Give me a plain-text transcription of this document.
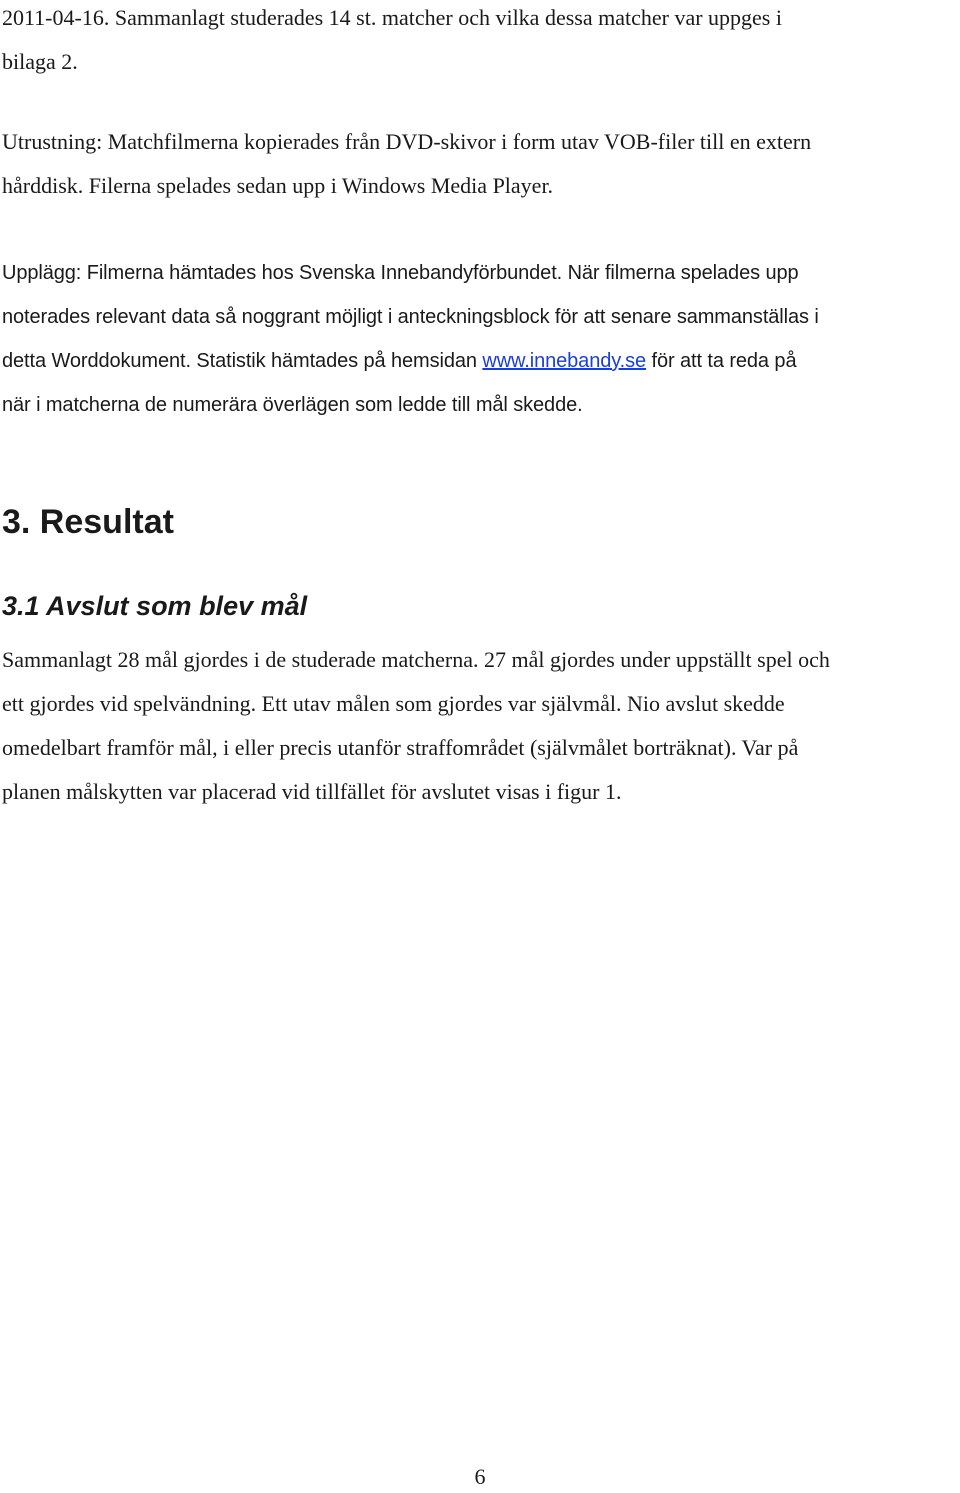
2011-04-16. Sammanlagt studerades 14 st. matcher och vilka dessa matcher var uppges i
bilaga 2.

Utrustning: Matchfilmerna kopierades från DVD-skivor i form utav VOB-filer till en extern
hårddisk. Filerna spelades sedan upp i Windows Media Player.

Upplägg: Filmerna hämtades hos Svenska Innebandyförbundet. När filmerna spelades upp
noterades relevant data så noggrant möjligt i anteckningsblock för att senare sammanställas i
detta Worddokument. Statistik hämtades på hemsidan www.innebandy.se för att ta reda på
när i matcherna de numerära överlägen som ledde till mål skedde.

3. Resultat
3.1 Avslut som blev mål

Sammanlagt 28 mål gjordes i de studerade matcherna. 27 mål gjordes under uppställt spel och
ett gjordes vid spelvändning. Ett utav målen som gjordes var självmål. Nio avslut skedde
omedelbart framför mål, i eller precis utanför straffområdet (självmålet borträknat). Var på
planen målskytten var placerad vid tillfället för avslutet visas i figur 1.

6
